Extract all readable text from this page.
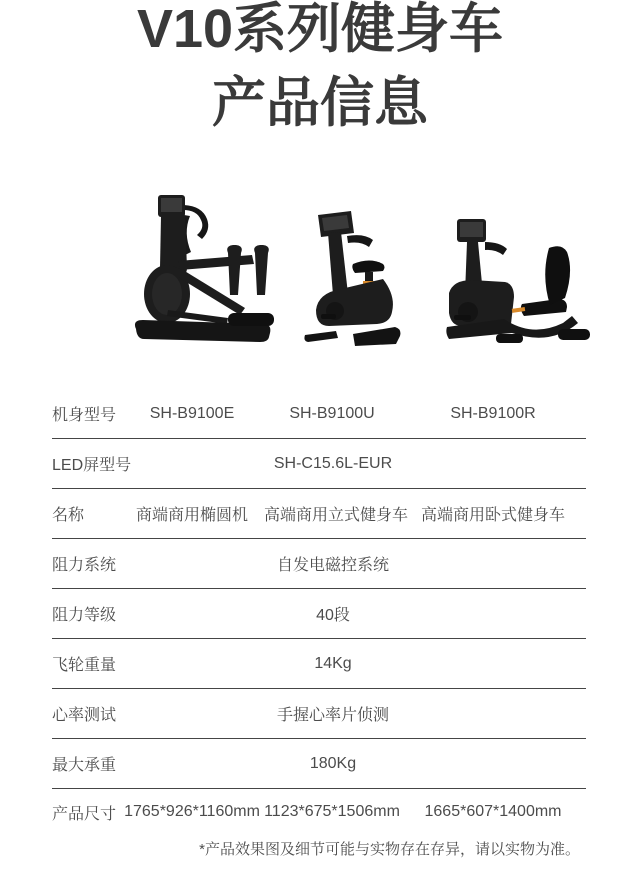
V10系列健身车
产品信息
机身型号	SH-B9100E	SH-B9100U	SH-B9100R
LED屏型号	SH-C15.6L-EUR
名称	商端商用椭圆机	高端商用立式健身车 高端商用卧式健身车
阻力系统	自发电磁控系统
阻力等级	40段
飞轮重量	14Kg
心率测试	手握心率片侦测
最大承重	180Kg
产品尺寸 1765*926*1160mm 1123*675*1506mm	1665*607*1400mm
*产品效果图及细节可能与实物存在存异，请以实物为准。
